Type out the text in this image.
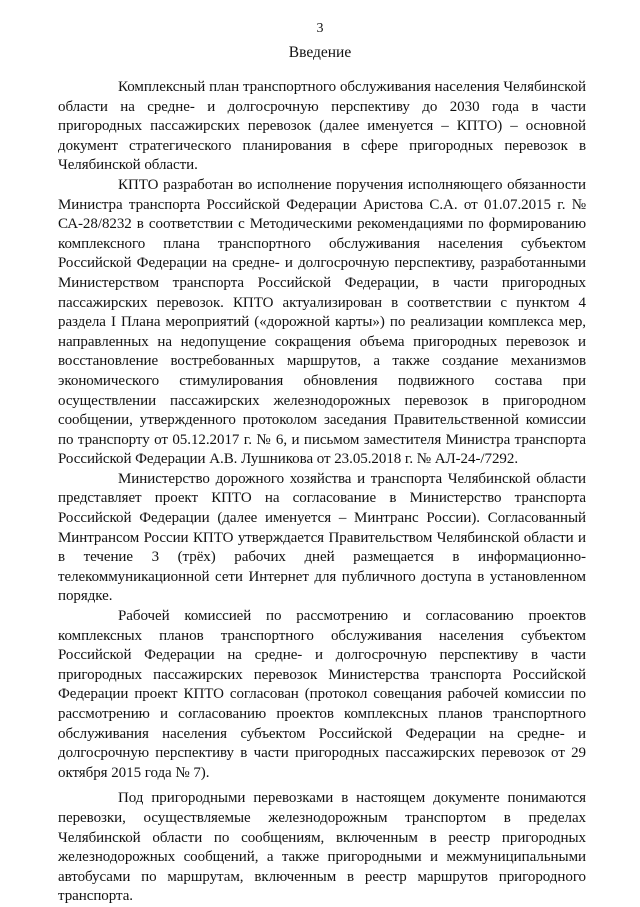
3
Введение

Комплексный план транспортного обслуживания населения Челябинской области на средне- и долгосрочную перспективу до 2030 года в части пригородных пассажирских перевозок (далее именуется – КПТО) – основной документ стратегического планирования в сфере пригородных перевозок в Челябинской области.

КПТО разработан во исполнение поручения исполняющего обязанности Министра транспорта Российской Федерации Аристова С.А. от 01.07.2015 г. № СА-28/8232 в соответствии с Методическими рекомендациями по формированию комплексного плана транспортного обслуживания населения субъектом Российской Федерации на средне- и долгосрочную перспективу, разработанными Министерством транспорта Российской Федерации, в части пригородных пассажирских перевозок. КПТО актуализирован в соответствии с пунктом 4 раздела I Плана мероприятий («дорожной карты») по реализации комплекса мер, направленных на недопущение сокращения объема пригородных перевозок и восстановление востребованных маршрутов, а также создание механизмов экономического стимулирования обновления подвижного состава при осуществлении пассажирских железнодорожных перевозок в пригородном сообщении, утвержденного протоколом заседания Правительственной комиссии по транспорту от 05.12.2017 г. № 6, и письмом заместителя Министра транспорта Российской Федерации А.В. Лушникова от 23.05.2018 г. № АЛ-24-/7292.

Министерство дорожного хозяйства и транспорта Челябинской области представляет проект КПТО на согласование в Министерство транспорта Российской Федерации (далее именуется – Минтранс России). Согласованный Минтрансом России КПТО утверждается Правительством Челябинской области и в течение 3 (трёх) рабочих дней размещается в информационно-телекоммуникационной сети Интернет для публичного доступа в установленном порядке.

Рабочей комиссией по рассмотрению и согласованию проектов комплексных планов транспортного обслуживания населения субъектом Российской Федерации на средне- и долгосрочную перспективу в части пригородных пассажирских перевозок Министерства транспорта Российской Федерации проект КПТО согласован (протокол совещания рабочей комиссии по рассмотрению и согласованию проектов комплексных планов транспортного обслуживания населения субъектом Российской Федерации на средне- и долгосрочную перспективу в части пригородных пассажирских перевозок от 29 октября 2015 года № 7).

Под пригородными перевозками в настоящем документе понимаются перевозки, осуществляемые железнодорожным транспортом в пределах Челябинской области по сообщениям, включенным в реестр пригородных железнодорожных сообщений, а также пригородными и межмуниципальными автобусами по маршрутам, включенным в реестр маршрутов пригородного транспорта.
